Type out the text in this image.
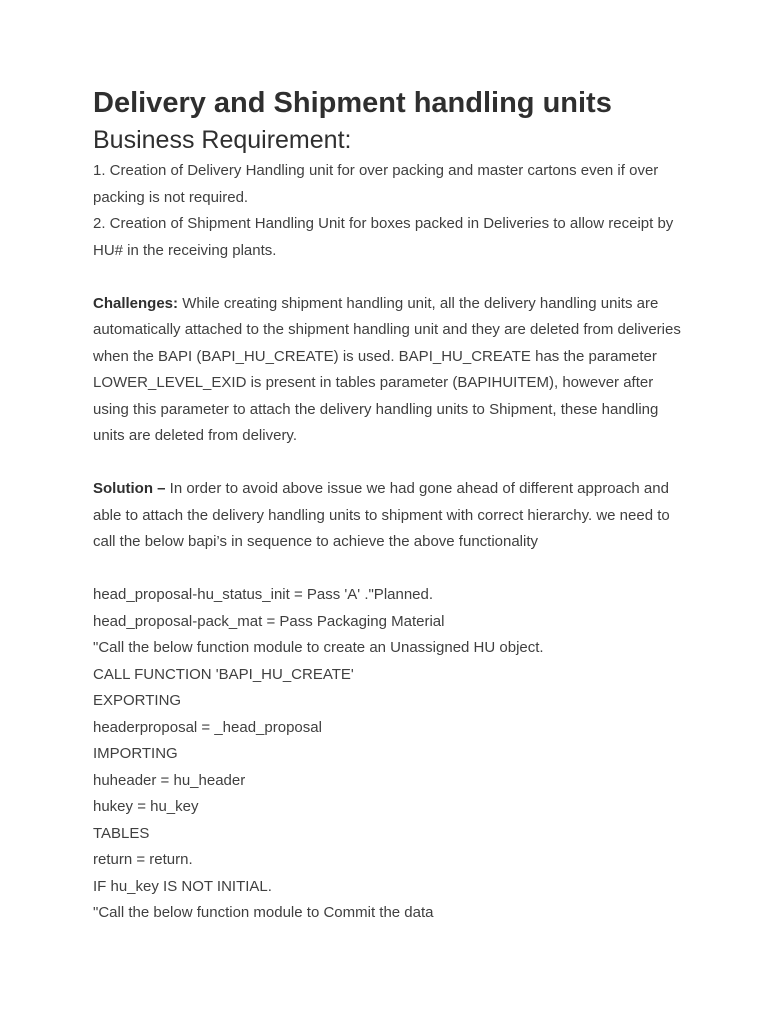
Delivery and Shipment handling units
Business Requirement:

1. Creation of Delivery Handling unit for over packing and master cartons even if over packing is not required.

2. Creation of Shipment Handling Unit for boxes packed in Deliveries to allow receipt by HU# in the receiving plants.

Challenges: While creating shipment handling unit, all the delivery handling units are automatically attached to the shipment handling unit and they are deleted from deliveries when the BAPI (BAPI_HU_CREATE) is used. BAPI_HU_CREATE has the parameter LOWER_LEVEL_EXID is present in tables parameter (BAPIHUITEM), however after using this parameter to attach the delivery handling units to Shipment, these handling units are deleted from delivery.

Solution – In order to avoid above issue we had gone ahead of different approach and able to attach the delivery handling units to shipment with correct hierarchy. we need to call the below bapi’s in sequence to achieve the above functionality

head_proposal-hu_status_init = Pass 'A' ."Planned.

head_proposal-pack_mat = Pass Packaging Material

"Call the below function module to create an Unassigned HU object.

CALL FUNCTION 'BAPI_HU_CREATE'

EXPORTING

headerproposal = _head_proposal

IMPORTING

huheader = hu_header

hukey = hu_key

TABLES

return = return.

IF hu_key IS NOT INITIAL.

"Call the below function module to Commit the data
